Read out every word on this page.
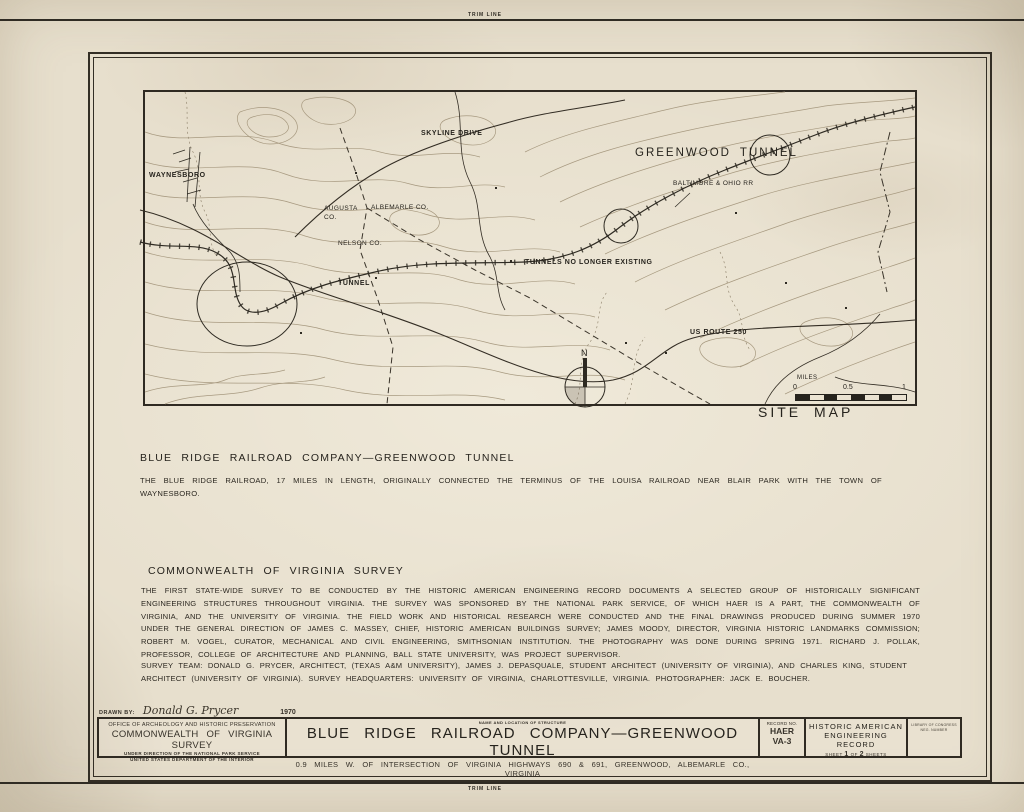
TRIM LINE
N
WAYNESBORO
SKYLINE DRIVE
AUGUSTA CO.
ALBEMARLE CO.
NELSON CO.
GREENWOOD TUNNEL
BALTIMORE & OHIO RR
TUNNEL
TUNNELS NO LONGER EXISTING
US ROUTE 250
MILES
0	0.5	1
SITE MAP
BLUE RIDGE RAILROAD COMPANY—GREENWOOD TUNNEL
THE BLUE RIDGE RAILROAD, 17 MILES IN LENGTH, ORIGINALLY CONNECTED THE TERMINUS OF THE LOUISA RAILROAD NEAR BLAIR PARK WITH THE TOWN OF WAYNESBORO.
COMMONWEALTH OF VIRGINIA SURVEY
THE FIRST STATE-WIDE SURVEY TO BE CONDUCTED BY THE HISTORIC AMERICAN ENGINEERING RECORD DOCUMENTS A SELECTED GROUP OF HISTORICALLY SIGNIFICANT ENGINEERING STRUCTURES THROUGHOUT VIRGINIA. THE SURVEY WAS SPONSORED BY THE NATIONAL PARK SERVICE, OF WHICH HAER IS A PART, THE COMMONWEALTH OF VIRGINIA, AND THE UNIVERSITY OF VIRGINIA. THE FIELD WORK AND HISTORICAL RESEARCH WERE CONDUCTED AND THE FINAL DRAWINGS PRODUCED DURING SUMMER 1970 UNDER THE GENERAL DIRECTION OF JAMES C. MASSEY, CHIEF, HISTORIC AMERICAN BUILDINGS SURVEY; JAMES MOODY, DIRECTOR, VIRGINIA HISTORIC LANDMARKS COMMISSION; ROBERT M. VOGEL, CURATOR, MECHANICAL AND CIVIL ENGINEERING, SMITHSONIAN INSTITUTION. THE PHOTOGRAPHY WAS DONE DURING SPRING 1971. RICHARD J. POLLAK, PROFESSOR, COLLEGE OF ARCHITECTURE AND PLANNING, BALL STATE UNIVERSITY, WAS PROJECT SUPERVISOR.
SURVEY TEAM: DONALD G. PRYCER, ARCHITECT, (TEXAS A&M UNIVERSITY), JAMES J. DEPASQUALE, STUDENT ARCHITECT (UNIVERSITY OF VIRGINIA), AND CHARLES KING, STUDENT ARCHITECT (UNIVERSITY OF VIRGINIA). SURVEY HEADQUARTERS: UNIVERSITY OF VIRGINIA, CHARLOTTESVILLE, VIRGINIA. PHOTOGRAPHER: JACK E. BOUCHER.
DRAWN BY: Donald G. Prycer	1970
OFFICE OF ARCHEOLOGY AND HISTORIC PRESERVATION
COMMONWEALTH OF VIRGINIA SURVEY
UNDER DIRECTION OF THE NATIONAL PARK SERVICE
UNITED STATES DEPARTMENT OF THE INTERIOR
NAME AND LOCATION OF STRUCTURE
BLUE RIDGE RAILROAD COMPANY—GREENWOOD TUNNEL
0.9 MILES W. OF INTERSECTION OF VIRGINIA HIGHWAYS 690 & 691, GREENWOOD, ALBEMARLE CO., VIRGINIA
RECORD NO.
HAER
VA-3
HISTORIC AMERICAN
ENGINEERING RECORD
SHEET 1 OF 2 SHEETS
LIBRARY OF CONGRESS
NEG. NUMBER
TRIM LINE
